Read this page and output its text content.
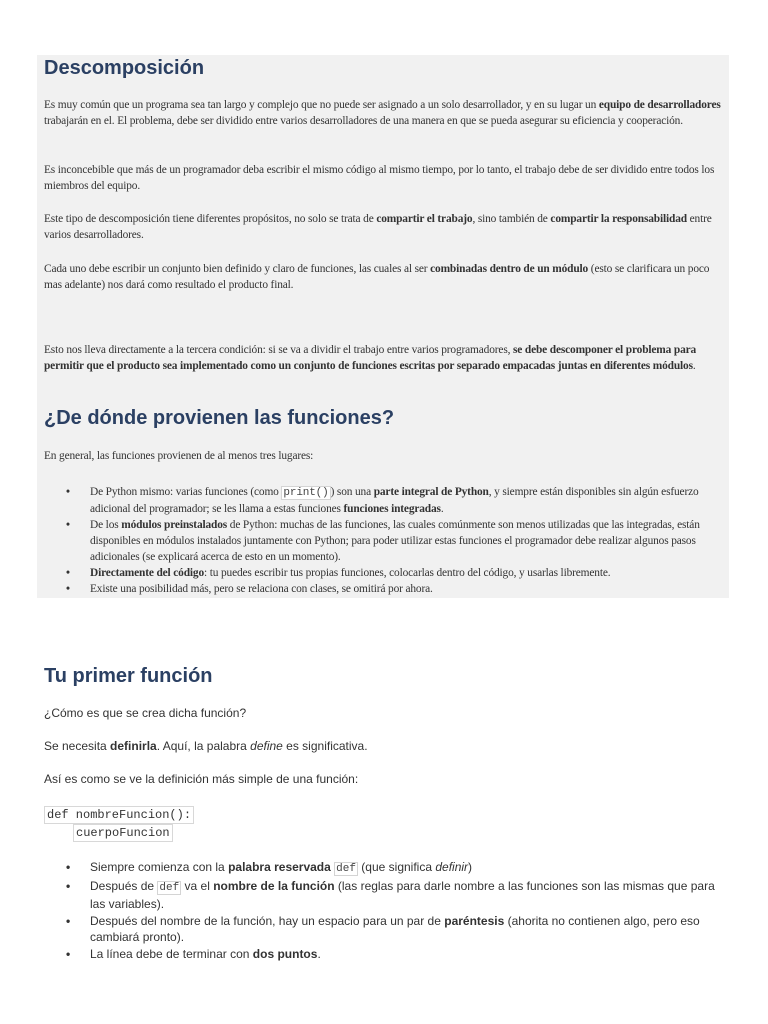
Descomposición

Es muy común que un programa sea tan largo y complejo que no puede ser asignado a un solo desarrollador, y en su lugar un equipo de desarrolladores trabajarán en el. El problema, debe ser dividido entre varios desarrolladores de una manera en que se pueda asegurar su eficiencia y cooperación.

Es inconcebible que más de un programador deba escribir el mismo código al mismo tiempo, por lo tanto, el trabajo debe de ser dividido entre todos los miembros del equipo.

Este tipo de descomposición tiene diferentes propósitos, no solo se trata de compartir el trabajo, sino también de compartir la responsabilidad entre varios desarrolladores.

Cada uno debe escribir un conjunto bien definido y claro de funciones, las cuales al ser combinadas dentro de un módulo (esto se clarificara un poco mas adelante) nos dará como resultado el producto final.

Esto nos lleva directamente a la tercera condición: si se va a dividir el trabajo entre varios programadores, se debe descomponer el problema para permitir que el producto sea implementado como un conjunto de funciones escritas por separado empacadas juntas en diferentes módulos.

¿De dónde provienen las funciones?

En general, las funciones provienen de al menos tres lugares:

• De Python mismo: varias funciones (como print() ) son una parte integral de Python, y siempre están disponibles sin algún esfuerzo adicional del programador; se les llama a estas funciones funciones integradas.
• De los módulos preinstalados de Python: muchas de las funciones, las cuales comúnmente son menos utilizadas que las integradas, están disponibles en módulos instalados juntamente con Python; para poder utilizar estas funciones el programador debe realizar algunos pasos adicionales (se explicará acerca de esto en un momento).
• Directamente del código: tu puedes escribir tus propias funciones, colocarlas dentro del código, y usarlas libremente.
• Existe una posibilidad más, pero se relaciona con clases, se omitirá por ahora.
Tu primer función

¿Cómo es que se crea dicha función?

Se necesita definirla. Aquí, la palabra define es significativa.

Así es como se ve la definición más simple de una función:

def nombreFuncion():
cuerpoFuncion
• Siempre comienza con la palabra reservada def (que significa definir)
• Después de def va el nombre de la función (las reglas para darle nombre a las funciones son las mismas que para las variables).
• Después del nombre de la función, hay un espacio para un par de paréntesis (ahorita no contienen algo, pero eso cambiará pronto).
• La línea debe de terminar con dos puntos.
